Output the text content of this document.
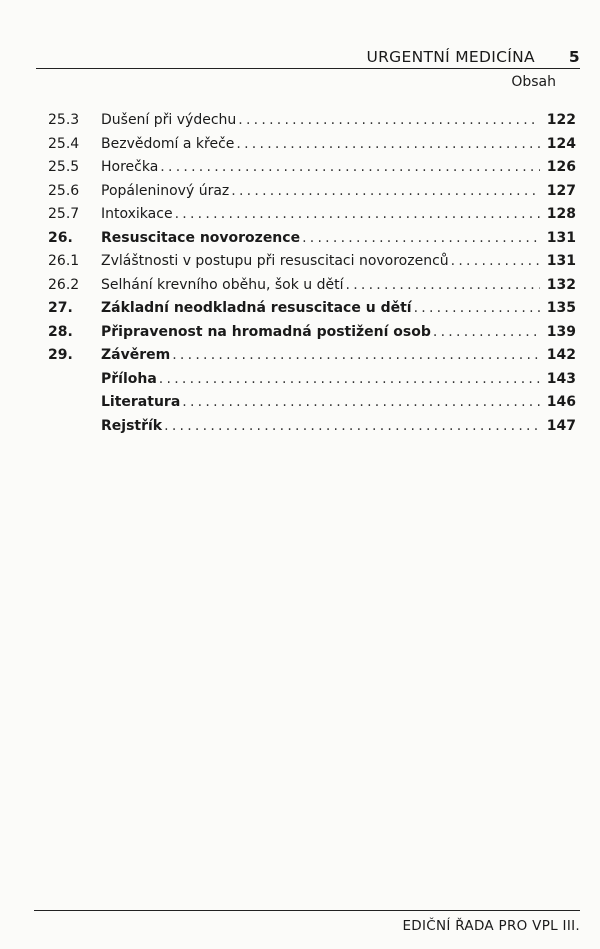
URGENTNÍ MEDICÍNA 5
Obsah
25.3	Dušení při výdechu . . .	122
25.4	Bezvědomí a křeče . . .	124
25.5	Horečka . . .	126
25.6	Popáleninový úraz . . .	127
25.7	Intoxikace . . .	128
26.	Resuscitace novorozence . . .	131
26.1	Zvláštnosti v postupu při resuscitaci novorozenců . . .	131
26.2	Selhání krevního oběhu, šok u dětí . . .	132
27.	Základní neodkladná resuscitace u dětí . . .	135
28.	Připravenost na hromadná postižení osob . . .	139
29.	Závěrem . . .	142
Příloha . . .	143
Literatura . . .	146
Rejstřík . . .	147
EDIČNÍ ŘADA PRO VPL III.
